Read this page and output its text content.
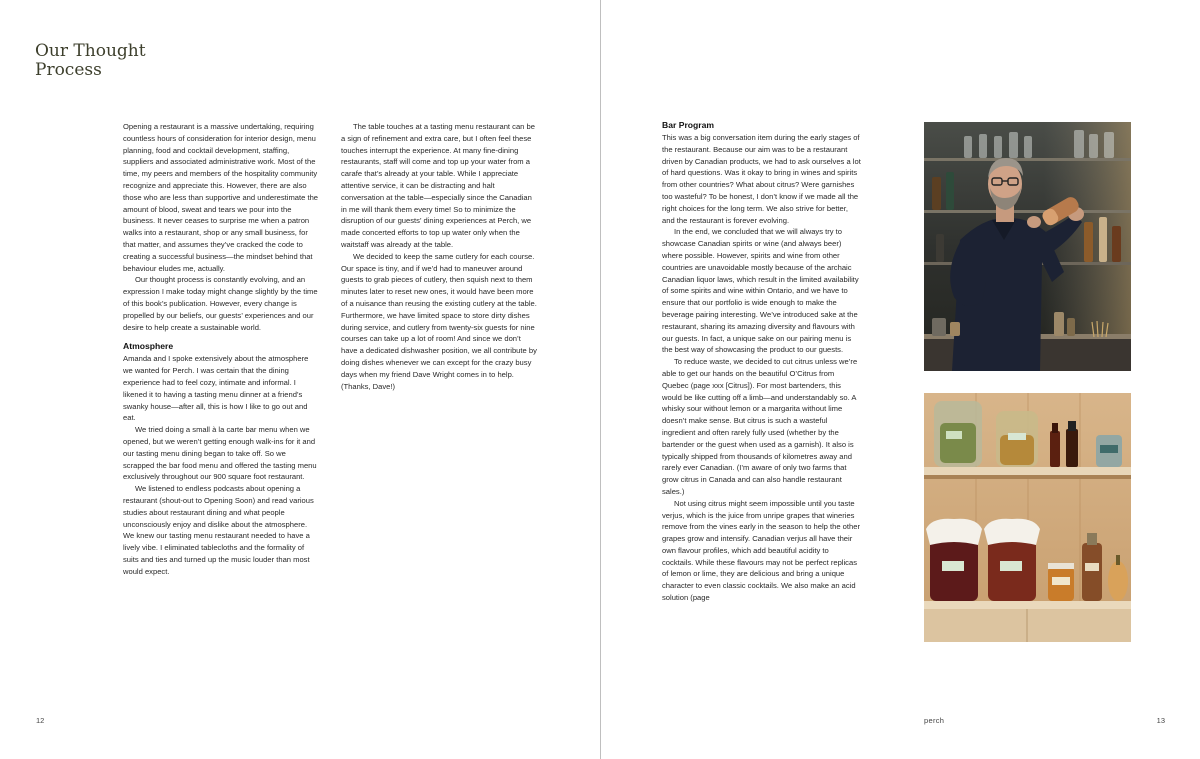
Our Thought
Process

Opening a restaurant is a massive undertaking, requiring countless hours of consideration for interior design, menu planning, food and cocktail development, staffing, suppliers and associated administrative work. Most of the time, my peers and members of the hospitality community recognize and appreciate this. However, there are also those who are less than supportive and underestimate the amount of blood, sweat and tears we pour into the business. It never ceases to surprise me when a patron walks into a restaurant, shop or any small business, for that matter, and assumes they’ve cracked the code to creating a successful business—the mindset behind that behaviour eludes me, actually.

Our thought process is constantly evolving, and an expression I make today might change slightly by the time of this book’s publication. However, every change is propelled by our beliefs, our guests’ experiences and our desire to help create a sustainable world.

Atmosphere

Amanda and I spoke extensively about the atmosphere we wanted for Perch. I was certain that the dining experience had to feel cozy, intimate and informal. I likened it to having a tasting menu dinner at a friend’s swanky house—after all, this is how I like to go out and eat.

We tried doing a small à la carte bar menu when we opened, but we weren’t getting enough walk-ins for it and our tasting menu dining began to take off. So we scrapped the bar food menu and offered the tasting menu exclusively throughout our 900 square foot restaurant.

We listened to endless podcasts about opening a restaurant (shout-out to Opening Soon) and read various studies about restaurant dining and what people unconsciously enjoy and dislike about the atmosphere. We knew our tasting menu restaurant needed to have a lively vibe. I eliminated tablecloths and the formality of suits and ties and turned up the music louder than most would expect.

The table touches at a tasting menu restaurant can be a sign of refinement and extra care, but I often feel these touches interrupt the experience. At many fine-dining restaurants, staff will come and top up your water from a carafe that’s already at your table. While I appreciate attentive service, it can be distracting and halt conversation at the table—especially since the Canadian in me will thank them every time! So to minimize the disruption of our guests’ dining experiences at Perch, we made concerted efforts to top up water only when the waitstaff was already at the table.

We decided to keep the same cutlery for each course. Our space is tiny, and if we’d had to maneuver around guests to grab pieces of cutlery, then squish next to them minutes later to reset new ones, it would have been more of a nuisance than reusing the existing cutlery at the table. Furthermore, we have limited space to store dirty dishes during service, and cutlery from twenty-six guests for nine courses can take up a lot of room! And since we don’t have a dedicated dishwasher position, we all contribute by doing dishes whenever we can except for the crazy busy days when my friend Dave Wright comes in to help. (Thanks, Dave!)

12
Bar Program

This was a big conversation item during the early stages of the restaurant. Because our aim was to be a restaurant driven by Canadian products, we had to ask ourselves a lot of hard questions. Was it okay to bring in wines and spirits from other countries? What about citrus? Were garnishes too wasteful? To be honest, I don’t know if we made all the right choices for the long term. We also strive for better, and the restaurant is forever evolving.

In the end, we concluded that we will always try to showcase Canadian spirits or wine (and always beer) where possible. However, spirits and wine from other countries are unavoidable mostly because of the archaic Canadian liquor laws, which result in the limited availability of some spirits and wine within Ontario, and we have to ensure that our portfolio is wide enough to make the beverage pairing interesting. We’ve introduced sake at the restaurant, sharing its amazing diversity and flavours with our guests. In fact, a unique sake on our pairing menu is the best way of showcasing the product to our guests.

To reduce waste, we decided to cut citrus unless we’re able to get our hands on the beautiful O’Citrus from Quebec (page xxx [Citrus]). For most bartenders, this would be like cutting off a limb—and understandably so. A whisky sour without lemon or a margarita without lime doesn’t make sense. But citrus is such a wasteful ingredient and often rarely fully used (whether by the bartender or the guest when used as a garnish). It also is typically shipped from thousands of kilometres away and rarely ever Canadian. (I’m aware of only two farms that grow citrus in Canada and can also handle restaurant sales.)

Not using citrus might seem impossible until you taste verjus, which is the juice from unripe grapes that wineries remove from the vines early in the season to help the other grapes grow and intensify. Canadian verjus all have their own flavour profiles, which add beautiful acidity to cocktails. While these flavours may not be perfect replicas of lemon or lime, they are delicious and bring a unique character to even classic cocktails. We also make an acid solution (page

perch	13
